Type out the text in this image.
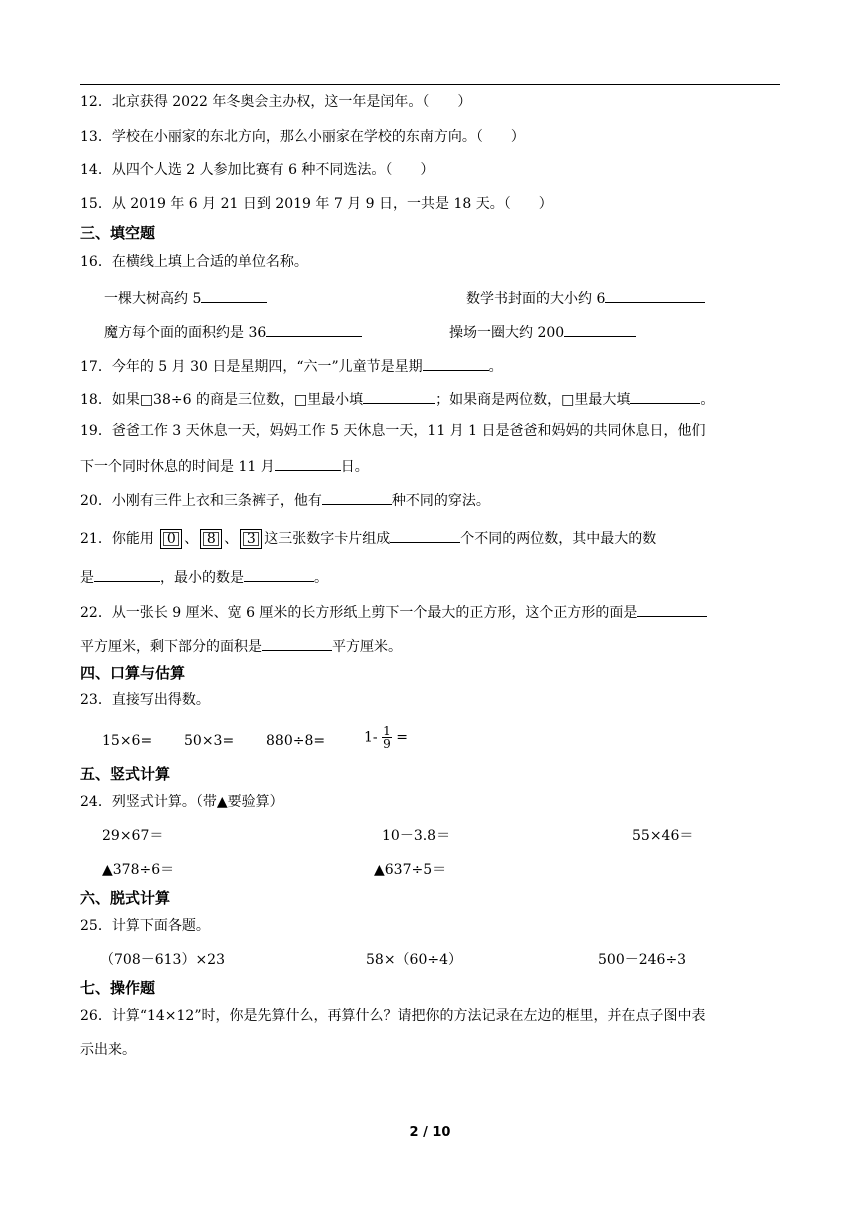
12．北京获得 2022 年冬奥会主办权，这一年是闰年。（　　）
13．学校在小丽家的东北方向，那么小丽家在学校的东南方向。（　　）
14．从四个人选 2 人参加比赛有 6 种不同选法。（　　）
15．从 2019 年 6 月 21 日到 2019 年 7 月 9 日，一共是 18 天。（　　）
三、填空题
16．在横线上填上合适的单位名称。
一棵大树高约 5	数学书封面的大小约 6
魔方每个面的面积约是 36	操场一圈大约 200
17．今年的 5 月 30 日是星期四，“六一”儿童节是星期	。
18．如果□38÷6 的商是三位数，□里最小填	；如果商是两位数，□里最大填	。
19．爸爸工作 3 天休息一天，妈妈工作 5 天休息一天，11 月 1 日是爸爸和妈妈的共同休息日，他们
下一个同时休息的时间是 11 月	日。
20．小刚有三件上衣和三条裤子，他有	种不同的穿法。
21．你能用 0 、 8 、 3 这三张数字卡片组成	个不同的两位数，其中最大的数
是	，最小的数是	。
22．从一张长 9 厘米、宽 6 厘米的长方形纸上剪下一个最大的正方形，这个正方形的面是
平方厘米，剩下部分的面积是	平方厘米。
四、口算与估算
23．直接写出得数。
15×6= 50×3= 880÷8=	$1- \frac{1}{9}$ =
五、竖式计算
24．列竖式计算。（带▲要验算）
29×67＝	10－3.8＝	55×46＝
▲378÷6＝	▲637÷5＝
六、脱式计算
25．计算下面各题。
（708－613）×23	58×（60÷4）	500－246÷3
七、操作题
26．计算“14×12”时，你是先算什么，再算什么？请把你的方法记录在左边的框里，并在点子图中表
示出来。
2 / 10
